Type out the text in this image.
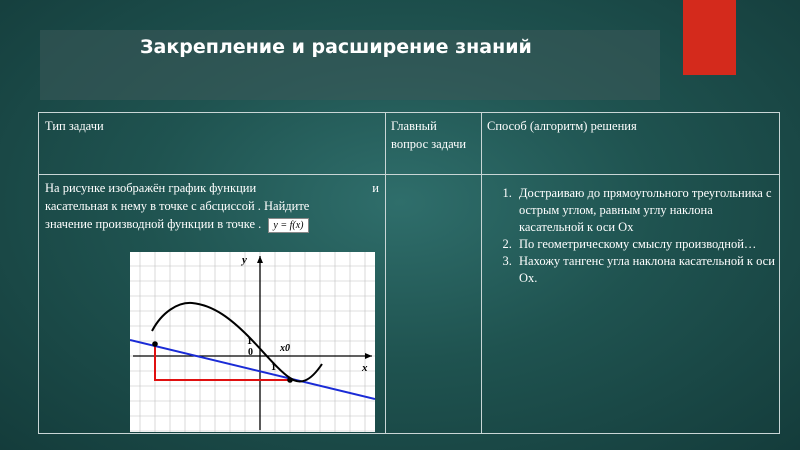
Закрепление и расширение знаний
Тип задачи	Главный вопрос задачи
Способ (алгоритм) решения
На рисунке изображён график функции	и
касательная к нему в точке с абсциссой . Найдите
значение производной функции в точке . y = f(x)
1. Достраиваю до прямоугольного треугольника с острым углом, равным углу наклона касательной к оси Ох
2. По геометрическому смыслу производной…
3. Нахожу тангенс угла наклона касательной к оси Ох.
y
x
1
0
1
x0
